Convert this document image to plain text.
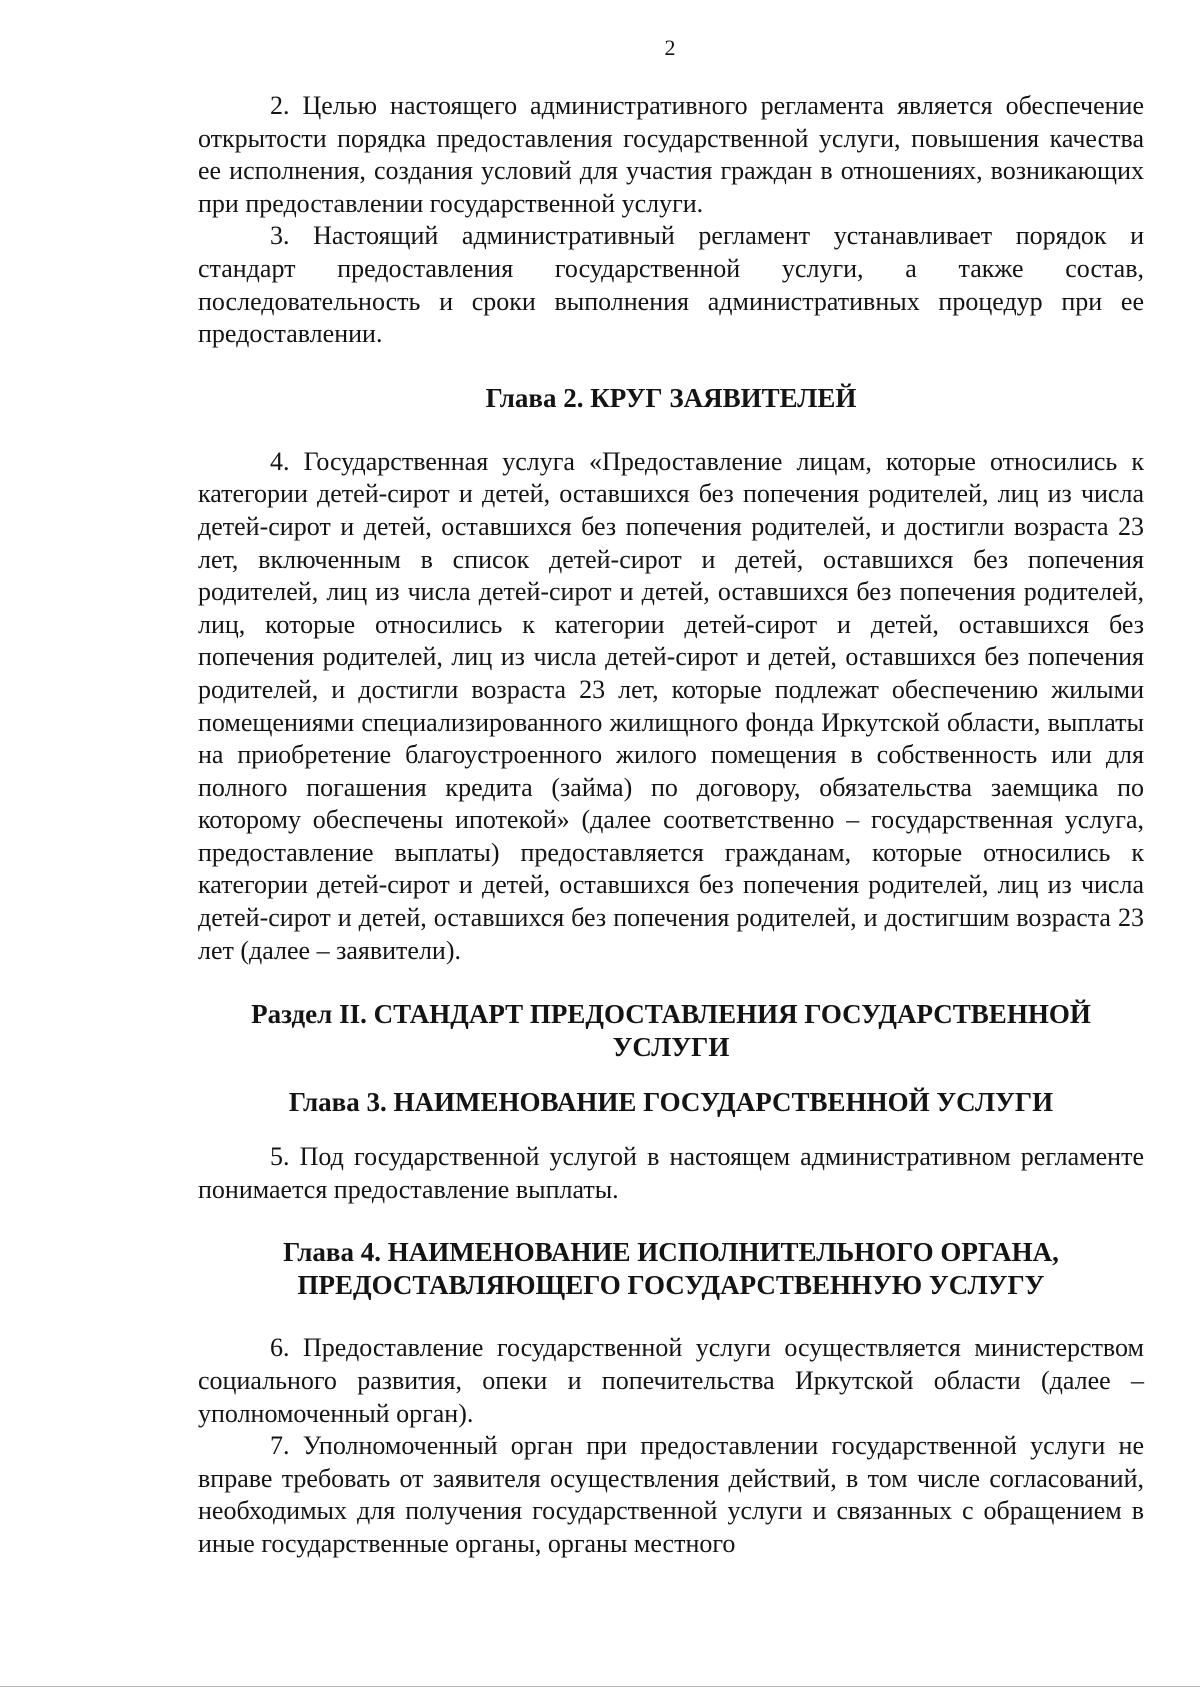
2

2. Целью настоящего административного регламента является обеспечение открытости порядка предоставления государственной услуги, повышения качества ее исполнения, создания условий для участия граждан в отношениях, возникающих при предоставлении государственной услуги.

3. Настоящий административный регламент устанавливает порядок и стандарт предоставления государственной услуги, а также состав, последовательность и сроки выполнения административных процедур при ее предоставлении.

Глава 2. КРУГ ЗАЯВИТЕЛЕЙ

4. Государственная услуга «Предоставление лицам, которые относились к категории детей-сирот и детей, оставшихся без попечения родителей, лиц из числа детей-сирот и детей, оставшихся без попечения родителей, и достигли возраста 23 лет, включенным в список детей-сирот и детей, оставшихся без попечения родителей, лиц из числа детей-сирот и детей, оставшихся без попечения родителей, лиц, которые относились к категории детей-сирот и детей, оставшихся без попечения родителей, лиц из числа детей-сирот и детей, оставшихся без попечения родителей, и достигли возраста 23 лет, которые подлежат обеспечению жилыми помещениями специализированного жилищного фонда Иркутской области, выплаты на приобретение благоустроенного жилого помещения в собственность или для полного погашения кредита (займа) по договору, обязательства заемщика по которому обеспечены ипотекой» (далее соответственно – государственная услуга, предоставление выплаты) предоставляется гражданам, которые относились к категории детей-сирот и детей, оставшихся без попечения родителей, лиц из числа детей-сирот и детей, оставшихся без попечения родителей, и достигшим возраста 23 лет (далее – заявители).

Раздел II. СТАНДАРТ ПРЕДОСТАВЛЕНИЯ ГОСУДАРСТВЕННОЙ
УСЛУГИ
Глава 3. НАИМЕНОВАНИЕ ГОСУДАРСТВЕННОЙ УСЛУГИ

5. Под государственной услугой в настоящем административном регламенте понимается предоставление выплаты.

Глава 4. НАИМЕНОВАНИЕ ИСПОЛНИТЕЛЬНОГО ОРГАНА,
ПРЕДОСТАВЛЯЮЩЕГО ГОСУДАРСТВЕННУЮ УСЛУГУ

6. Предоставление государственной услуги осуществляется министерством социального развития, опеки и попечительства Иркутской области (далее – уполномоченный орган).

7. Уполномоченный орган при предоставлении государственной услуги не вправе требовать от заявителя осуществления действий, в том числе согласований, необходимых для получения государственной услуги и связанных с обращением в иные государственные органы, органы местного
